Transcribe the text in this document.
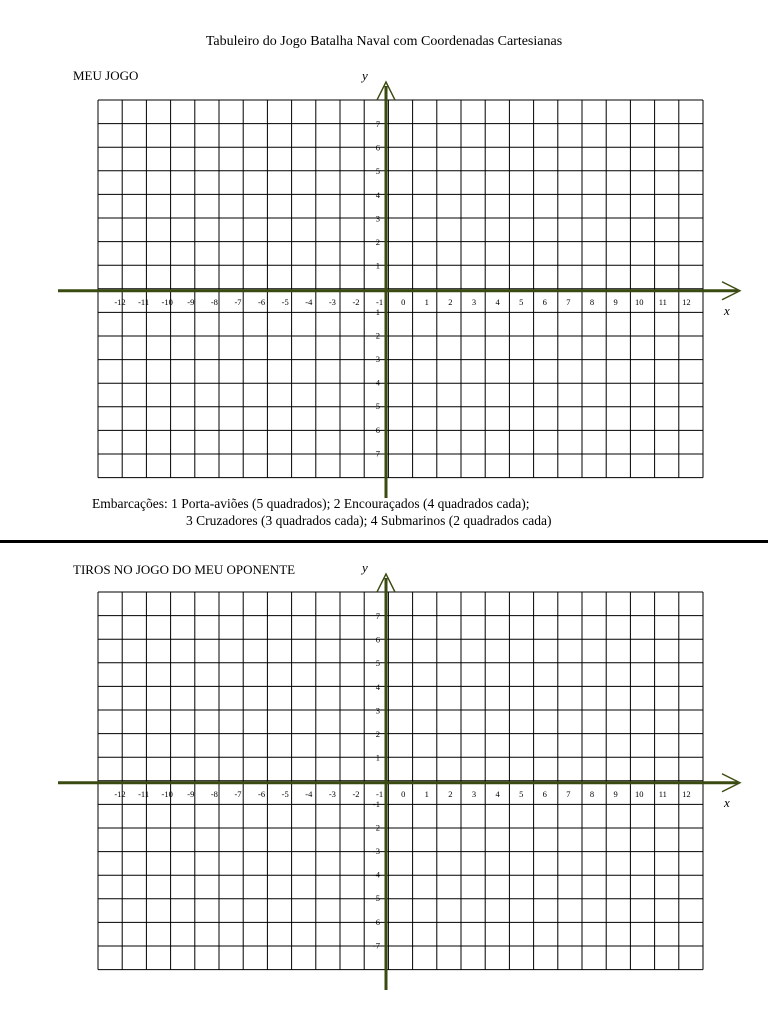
Tabuleiro do Jogo Batalha Naval com Coordenadas Cartesianas
MEU JOGO
x
y
-12 -11 -10 -9 -8 -7 -6 -5 -4 -3 -2 -1 0 1 2 3 4 5 6 7 8 9 10 11 12
7
6
5
4
3
2
1
1
2
3
4
5
6
7
Embarcações: 1 Porta-aviões (5 quadrados); 2 Encouraçados (4 quadrados cada);
3 Cruzadores (3 quadrados cada); 4 Submarinos (2 quadrados cada)
TIROS NO JOGO DO MEU OPONENTE
x
y
-12 -11 -10 -9 -8 -7 -6 -5 -4 -3 -2 -1 0 1 2 3 4 5 6 7 8 9 10 11 12
7
6
5
4
3
2
1
-1
2
-3
-4
5
6
-7
